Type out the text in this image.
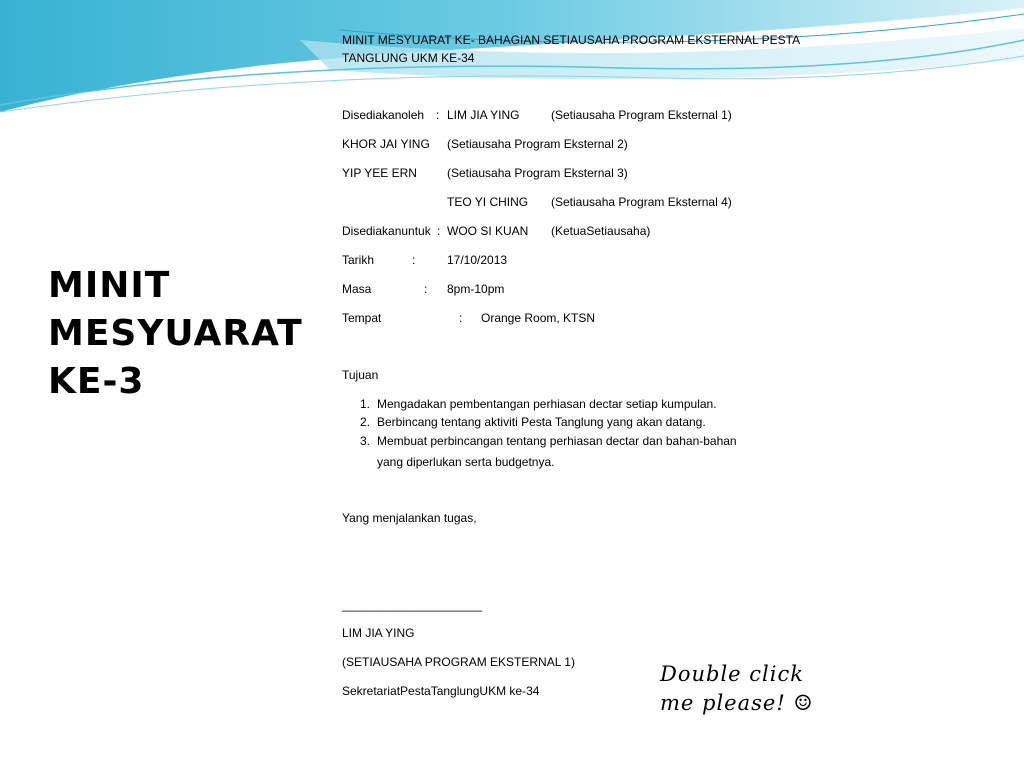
MINIT
MESYUARAT
KE-3
MINIT MESYUARAT KE- BAHAGIAN SETIAUSAHA PROGRAM EKSTERNAL PESTA
TANGLUNG UKM KE-34
Disediakanoleh : LIM JIA YING	(Setiausaha Program Eksternal 1)
KHOR JAI YING (Setiausaha Program Eksternal 2)
YIP YEE ERN	(Setiausaha Program Eksternal 3)
TEO YI CHING (Setiausaha Program Eksternal 4)
Disediakanuntuk : WOO SI KUAN (KetuaSetiausaha)
Tarikh	:	17/10/2013
Masa	: 8pm-10pm
Tempat	: Orange Room, KTSN
Tujuan
1. Mengadakan pembentangan perhiasan dectar setiap kumpulan.
2. Berbincang tentang aktiviti Pesta Tanglung yang akan datang.
3. Membuat perbincangan tentang perhiasan dectar dan bahan-bahan
yang diperlukan serta budgetnya.
Yang menjalankan tugas,
_____________________
LIM JIA YING
(SETIAUSAHA PROGRAM EKSTERNAL 1)
SekretariatPestaTanglungUKM ke-34
Double click
me please! ☺
